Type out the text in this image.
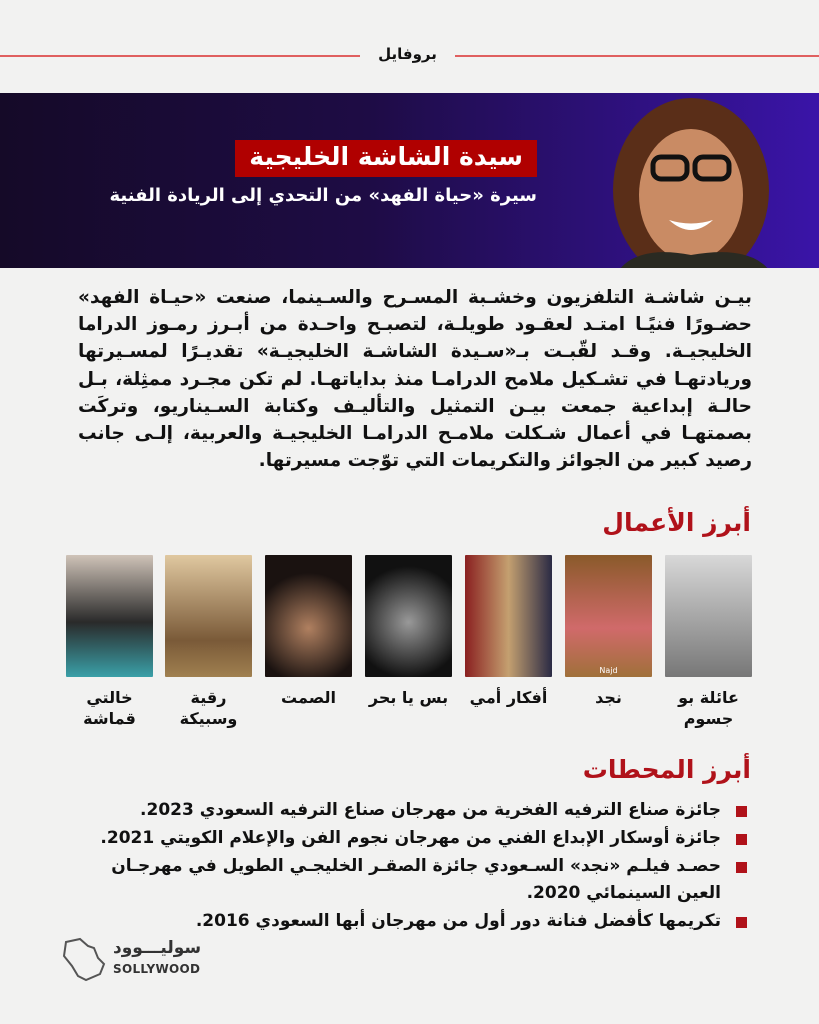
بروفايل
سيدة الشاشة الخليجية
سيرة «حياة الفهد» من التحدي إلى الريادة الفنية

بيـن شاشـة التلفزيون وخشـبة المسـرح والسـينما، صنعت «حيـاة الفهد» حضـورًا فنيًـا امتـد لعقـود طويلـة، لتصبـح واحـدة من أبـرز رمـوز الدراما الخليجيـة. وقـد لقّبـت بـ«سـيدة الشاشـة الخليجيـة» تقديـرًا لمسـيرتها وريادتهـا في تشـكيل ملامح الدرامـا منذ بداياتهـا. لم تكن مجـرد ممثِلة، بـل حالـة إبداعية جمعت بيـن التمثيل والتأليـف وكتابة السـيناريو، وتركَت بصمتهـا في أعمال شـكلت ملامـح الدرامـا الخليجيـة والعربية، إلـى جانب رصيد كبير من الجوائز والتكريمات التي توّجت مسيرتها.

أبرز الأعمال
عائلة بو جسوم
Najd
نجد
أفكار أمي
بس يا بحر
الصمت
رقية وسبيكة
خالتي قماشة
أبرز المحطات
جائزة صناع الترفيه الفخرية من مهرجان صناع الترفيه السعودي 2023.
جائزة أوسكار الإبداع الفني من مهرجان نجوم الفن والإعلام الكويتي 2021.
حصـد فيلـم «نجد» السـعودي جائزة الصقـر الخليجـي الطويل في مهرجـان العين السينمائي 2020.
تكريمها كأفضل فنانة دور أول من مهرجان أبها السعودي 2016.
سوليـــوود
SOLLYWOOD
